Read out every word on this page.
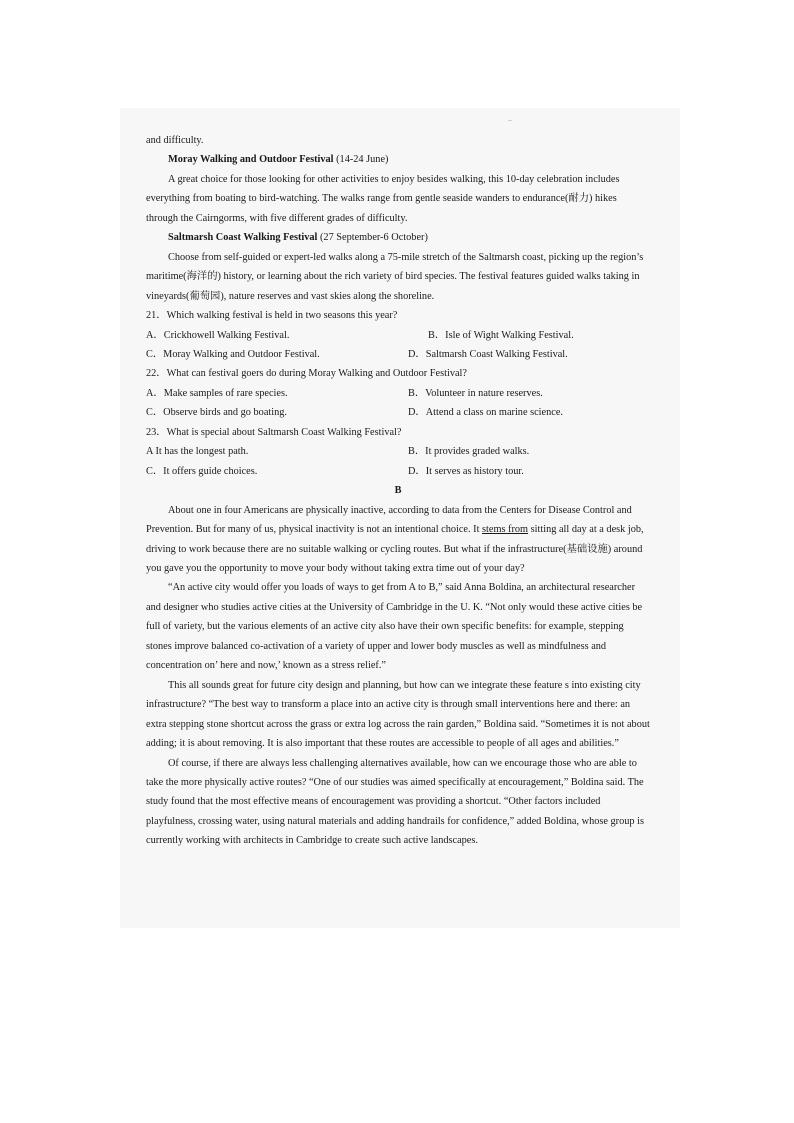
and difficulty.

Moray Walking and Outdoor Festival (14-24 June)

A great choice for those looking for other activities to enjoy besides walking, this 10-day celebration includes everything from boating to bird-watching. The walks range from gentle seaside wanders to endurance(耐力) hikes through the Cairngorms, with five different grades of difficulty.

Saltmarsh Coast Walking Festival (27 September-6 October)

Choose from self-guided or expert-led walks along a 75-mile stretch of the Saltmarsh coast, picking up the region’s maritime(海洋的) history, or learning about the rich variety of bird species. The festival features guided walks taking in vineyards(葡萄园), nature reserves and vast skies along the shoreline.

21．Which walking festival is held in two seasons this year?

A．Crickhowell Walking Festival.	B．Isle of Wight Walking Festival.
C．Moray Walking and Outdoor Festival.	D．Saltmarsh Coast Walking Festival.

22．What can festival goers do during Moray Walking and Outdoor Festival?

A．Make samples of rare species.	B．Volunteer in nature reserves.
C．Observe birds and go boating.	D．Attend a class on marine science.

23．What is special about Saltmarsh Coast Walking Festival?

A It has the longest path.	B．It provides graded walks.
C．It offers guide choices.	D．It serves as history tour.

B

About one in four Americans are physically inactive, according to data from the Centers for Disease Control and Prevention. But for many of us, physical inactivity is not an intentional choice. It stems from sitting all day at a desk job, driving to work because there are no suitable walking or cycling routes. But what if the infrastructure(基础设施) around you gave you the opportunity to move your body without taking extra time out of your day?

“An active city would offer you loads of ways to get from A to B,” said Anna Boldina, an architectural researcher and designer who studies active cities at the University of Cambridge in the U. K. “Not only would these active cities be full of variety, but the various elements of an active city also have their own specific benefits: for example, stepping stones improve balanced co-activation of a variety of upper and lower body muscles as well as mindfulness and concentration on’ here and now,’ known as a stress relief.”

This all sounds great for future city design and planning, but how can we integrate these feature s into existing city infrastructure? “The best way to transform a place into an active city is through small interventions here and there: an extra stepping stone shortcut across the grass or extra log across the rain garden,” Boldina said. “Sometimes it is not about adding; it is about removing. It is also important that these routes are accessible to people of all ages and abilities.”

Of course, if there are always less challenging alternatives available, how can we encourage those who are able to take the more physically active routes? “One of our studies was aimed specifically at encouragement,” Boldina said. The study found that the most effective means of encouragement was providing a shortcut. “Other factors included playfulness, crossing water, using natural materials and adding handrails for confidence,” added Boldina, whose group is currently working with architects in Cambridge to create such active landscapes.
